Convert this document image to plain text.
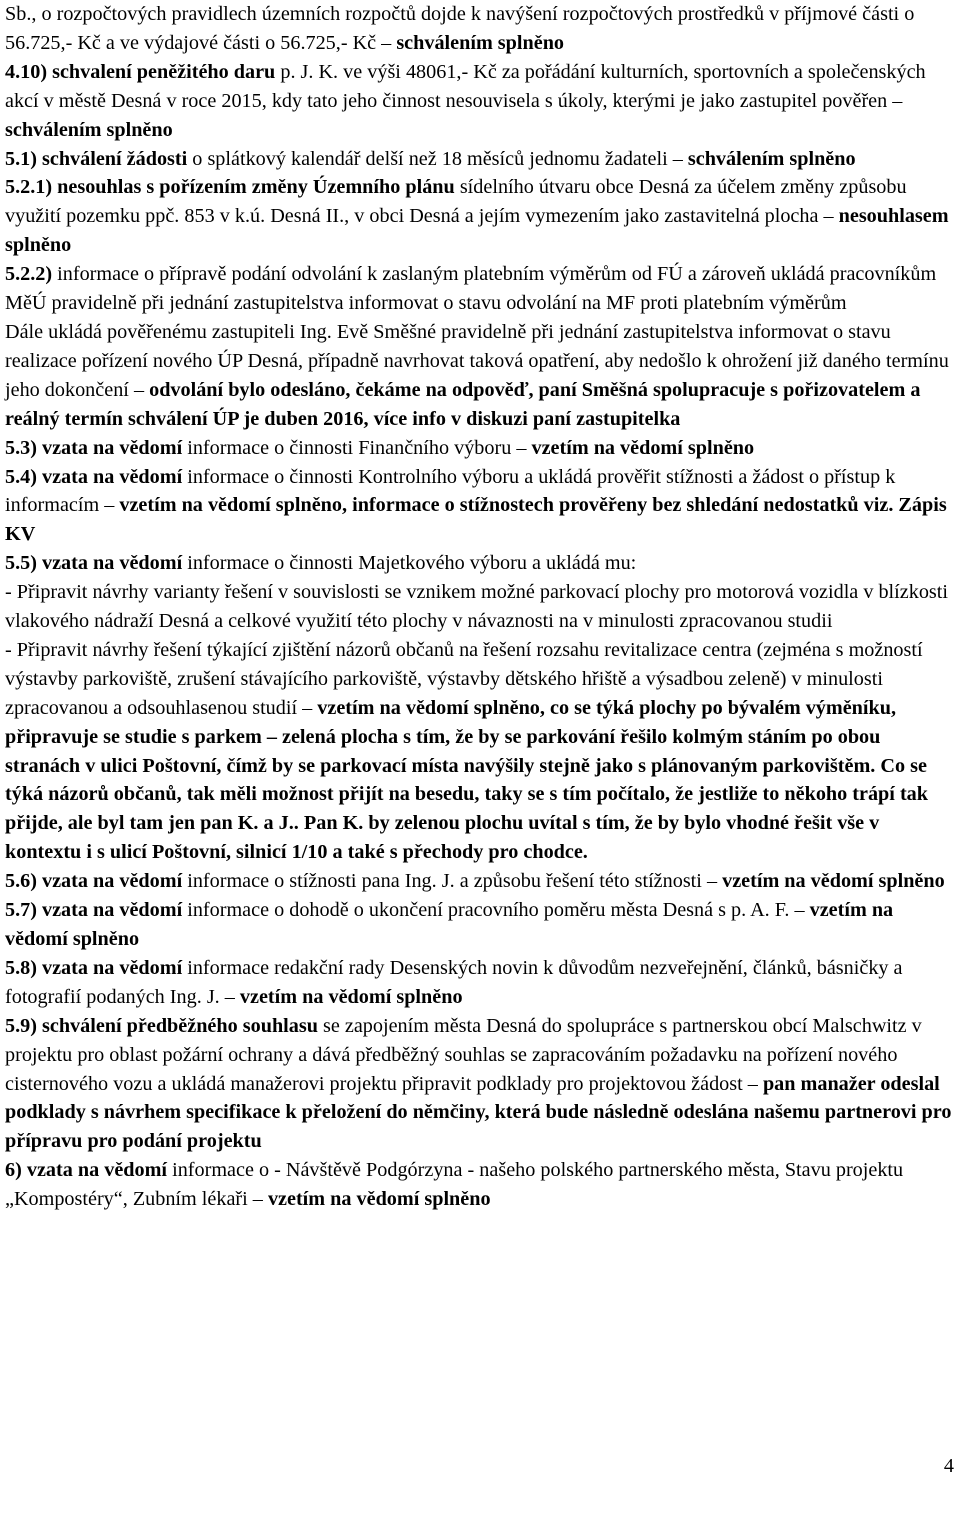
Sb., o rozpočtových pravidlech územních rozpočtů dojde k navýšení rozpočtových prostředků v příjmové části o 56.725,- Kč a ve výdajové části o 56.725,- Kč – schválením splněno

4.10) schvalení peněžitého daru p. J. K. ve výši 48061,- Kč za pořádání kulturních, sportovních a společenských akcí v městě Desná v roce 2015, kdy tato jeho činnost nesouvisela s úkoly, kterými je jako zastupitel pověřen – schválením splněno

5.1) schválení žádosti o splátkový kalendář delší než 18 měsíců jednomu žadateli – schválením splněno

5.2.1) nesouhlas s pořízením změny Územního plánu sídelního útvaru obce Desná za účelem změny způsobu využití pozemku ppč. 853 v k.ú. Desná II., v obci Desná a jejím vymezením jako zastavitelná plocha – nesouhlasem splněno

5.2.2) informace o přípravě podání odvolání k zaslaným platebním výměrům od FÚ a zároveň ukládá pracovníkům MěÚ pravidelně při jednání zastupitelstva informovat o stavu odvolání na MF proti platebním výměrům

Dále ukládá pověřenému zastupiteli Ing. Evě Směšné pravidelně při jednání zastupitelstva informovat o stavu realizace pořízení nového ÚP Desná, případně navrhovat taková opatření, aby nedošlo k ohrožení již daného termínu jeho dokončení – odvolání bylo odesláno, čekáme na odpověď, paní Směšná spolupracuje s pořizovatelem a reálný termín schválení ÚP je duben 2016, více info v diskuzi paní zastupitelka

5.3) vzata na vědomí informace o činnosti Finančního výboru – vzetím na vědomí splněno

5.4) vzata na vědomí informace o činnosti Kontrolního výboru a ukládá prověřit stížnosti a žádost o přístup k informacím – vzetím na vědomí splněno, informace o stížnostech prověřeny bez shledání nedostatků viz. Zápis KV

5.5) vzata na vědomí informace o činnosti Majetkového výboru a ukládá mu:

- Připravit návrhy varianty řešení v souvislosti se vznikem možné parkovací plochy pro motorová vozidla v blízkosti vlakového nádraží Desná a celkové využití této plochy v návaznosti na v minulosti zpracovanou studii

- Připravit návrhy řešení týkající zjištění názorů občanů na řešení rozsahu revitalizace centra (zejména s možností výstavby parkoviště, zrušení stávajícího parkoviště, výstavby dětského hřiště a výsadbou zeleně) v minulosti zpracovanou a odsouhlasenou studií – vzetím na vědomí splněno, co se týká plochy po bývalém výměníku, připravuje se studie s parkem – zelená plocha s tím, že by se parkování řešilo kolmým stáním po obou stranách v ulici Poštovní, čímž by se parkovací místa navýšily stejně jako s plánovaným parkovištěm. Co se týká názorů občanů, tak měli možnost přijít na besedu, taky se s tím počítalo, že jestliže to někoho trápí tak přijde, ale byl tam jen pan K. a J.. Pan K. by zelenou plochu uvítal s tím, že by bylo vhodné řešit vše v kontextu i s ulicí Poštovní, silnicí 1/10 a také s přechody pro chodce.

5.6) vzata na vědomí informace o stížnosti pana Ing. J. a způsobu řešení této stížnosti – vzetím na vědomí splněno

5.7) vzata na vědomí informace o dohodě o ukončení pracovního poměru města Desná s p. A. F. – vzetím na vědomí splněno

5.8) vzata na vědomí informace redakční rady Desenských novin k důvodům nezveřejnění, článků, básničky a fotografií podaných Ing. J. – vzetím na vědomí splněno

5.9) schválení předběžného souhlasu se zapojením města Desná do spolupráce s partnerskou obcí Malschwitz v projektu pro oblast požární ochrany a dává předběžný souhlas se zapracováním požadavku na pořízení nového cisternového vozu a ukládá manažerovi projektu připravit podklady pro projektovou žádost – pan manažer odeslal podklady s návrhem specifikace k přeložení do němčiny, která bude následně odeslána našemu partnerovi pro přípravu pro podání projektu

6) vzata na vědomí informace o - Návštěvě Podgórzyna - našeho polského partnerského města, Stavu projektu „Kompostéry“, Zubním lékaři – vzetím na vědomí splněno

4
